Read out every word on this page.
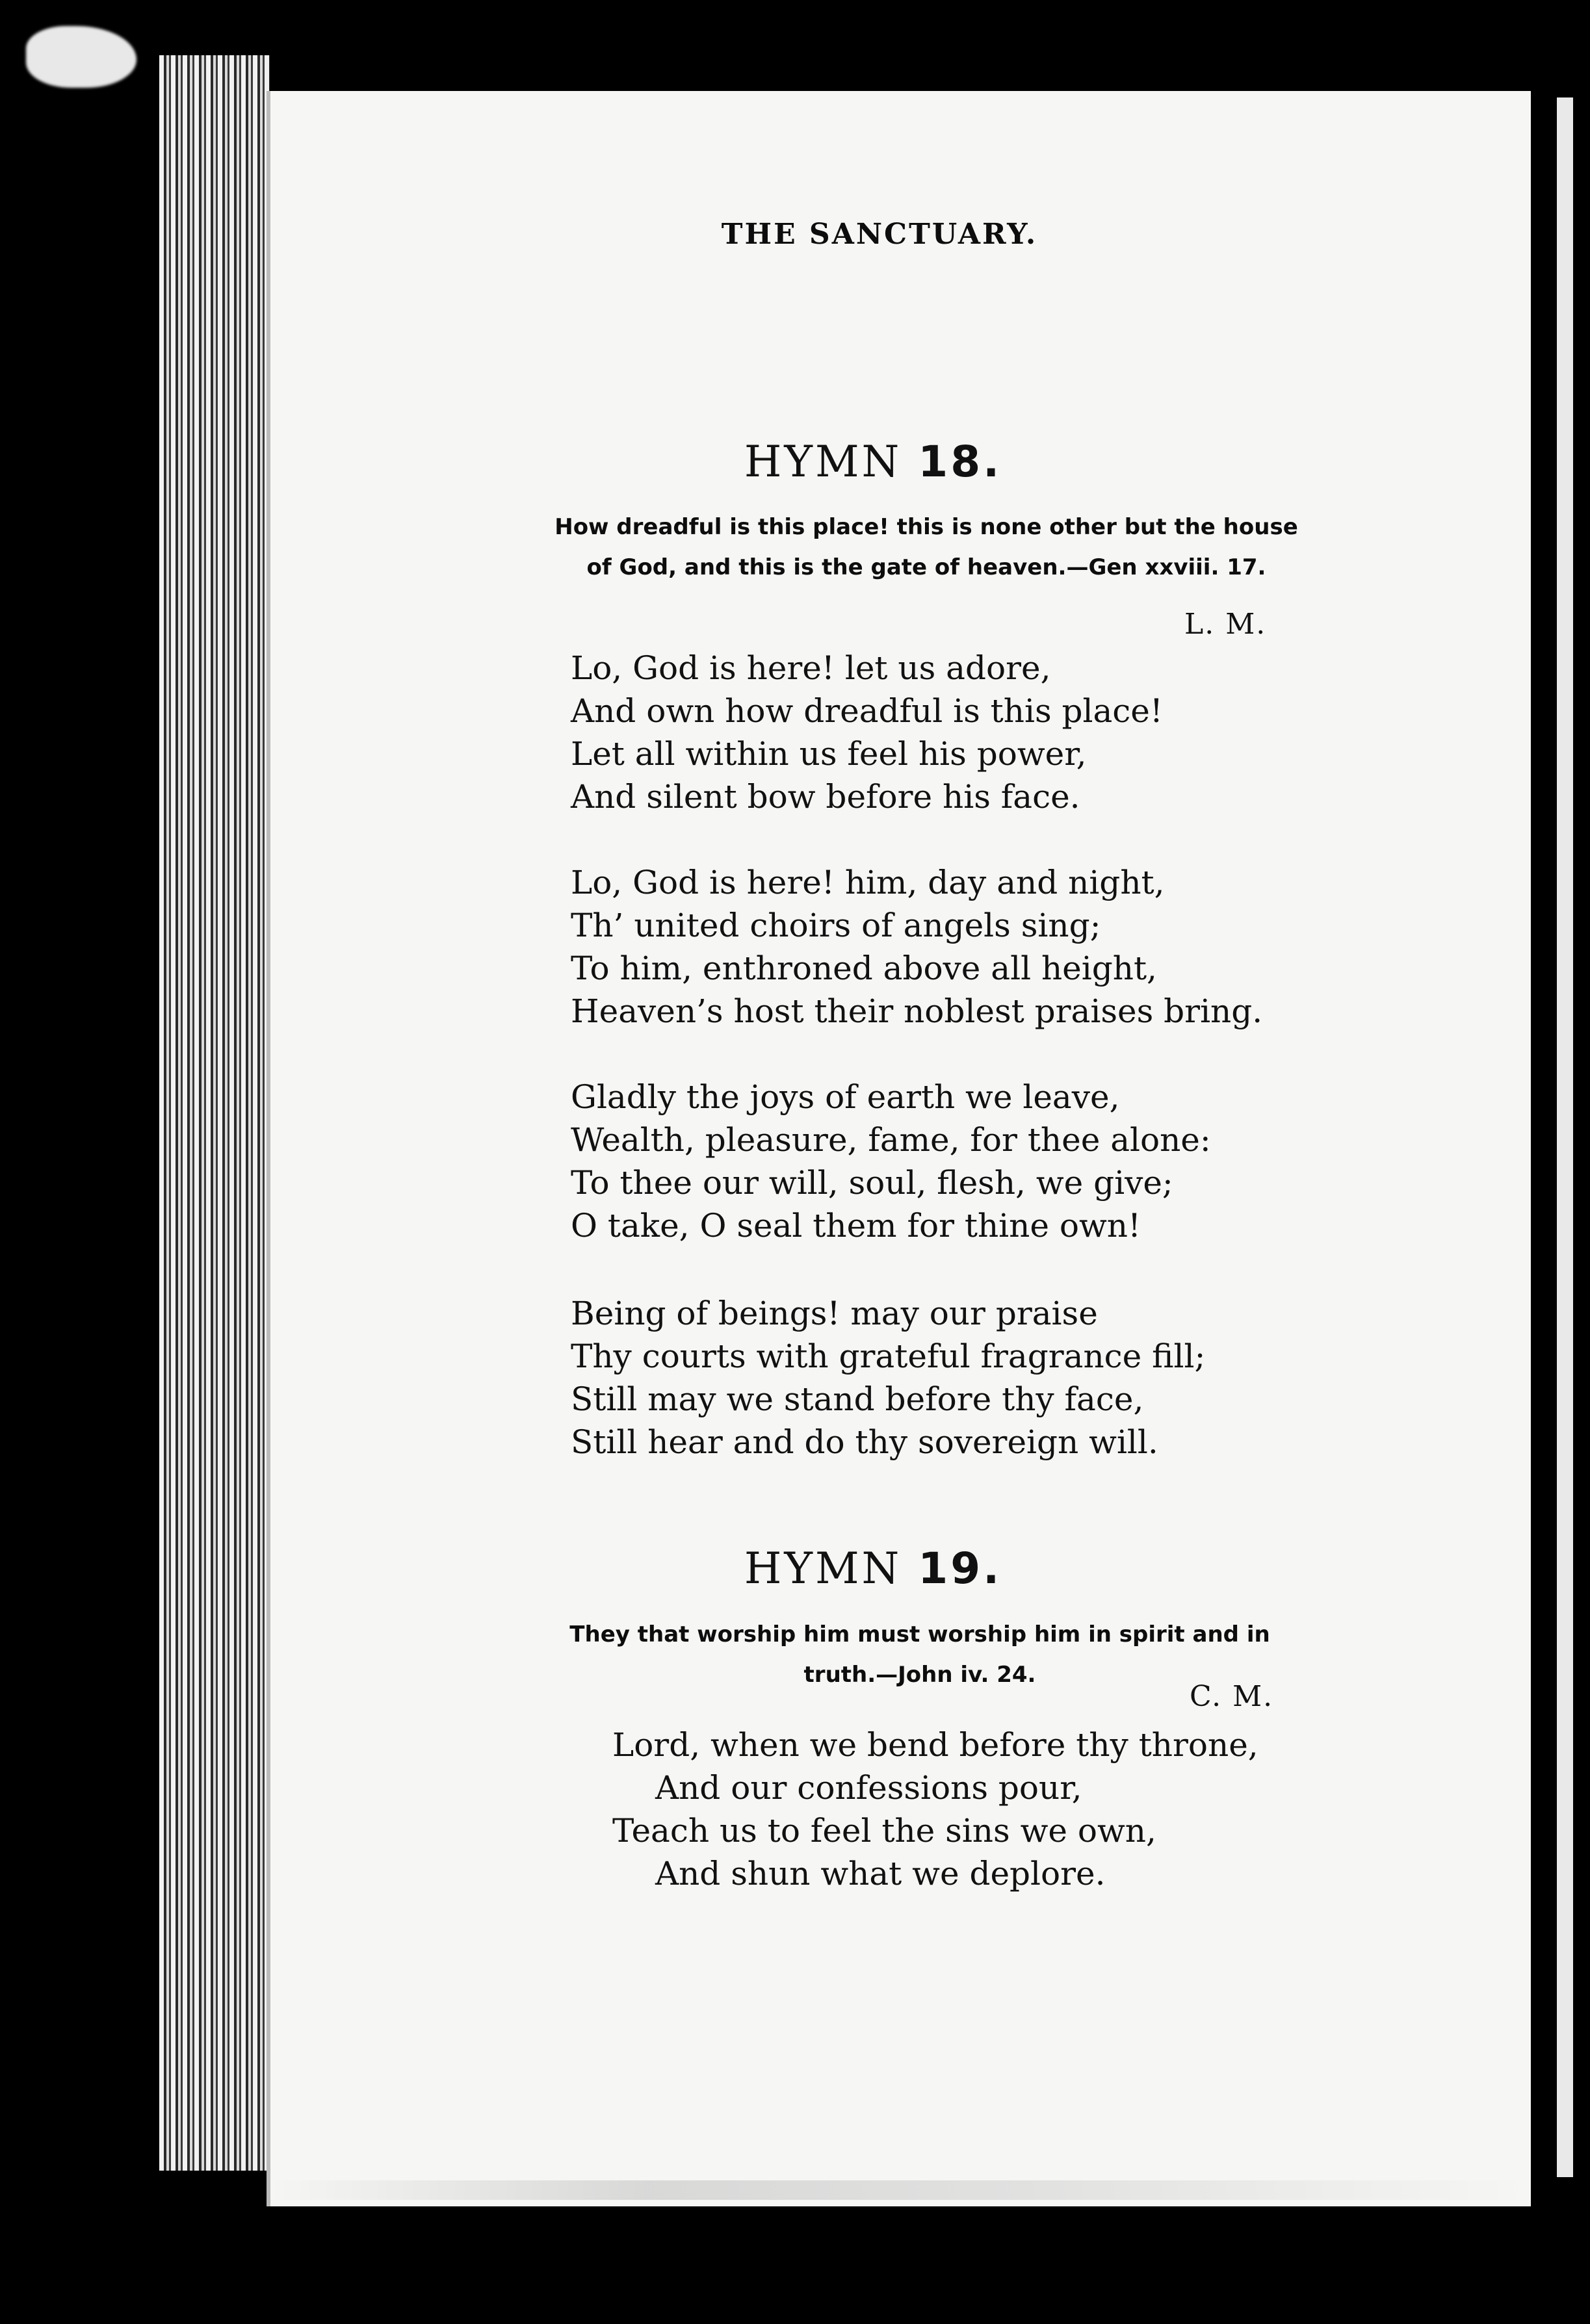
THE SANCTUARY.
HYMN 18.
How dreadful is this place! this is none other but the house
of God, and this is the gate of heaven.—Gen xxviii. 17.
L. M.
Lo, God is here! let us adore,
And own how dreadful is this place!
Let all within us feel his power,
And silent bow before his face.
Lo, God is here! him, day and night,
Th’ united choirs of angels sing;
To him, enthroned above all height,
Heaven’s host their noblest praises bring.
Gladly the joys of earth we leave,
Wealth, pleasure, fame, for thee alone:
To thee our will, soul, flesh, we give;
O take, O seal them for thine own!
Being of beings! may our praise
Thy courts with grateful fragrance fill;
Still may we stand before thy face,
Still hear and do thy sovereign will.
HYMN 19.
They that worship him must worship him in spirit and in
truth.—John iv. 24.
C. M.
Lord, when we bend before thy throne,
And our confessions pour,
Teach us to feel the sins we own,
And shun what we deplore.
